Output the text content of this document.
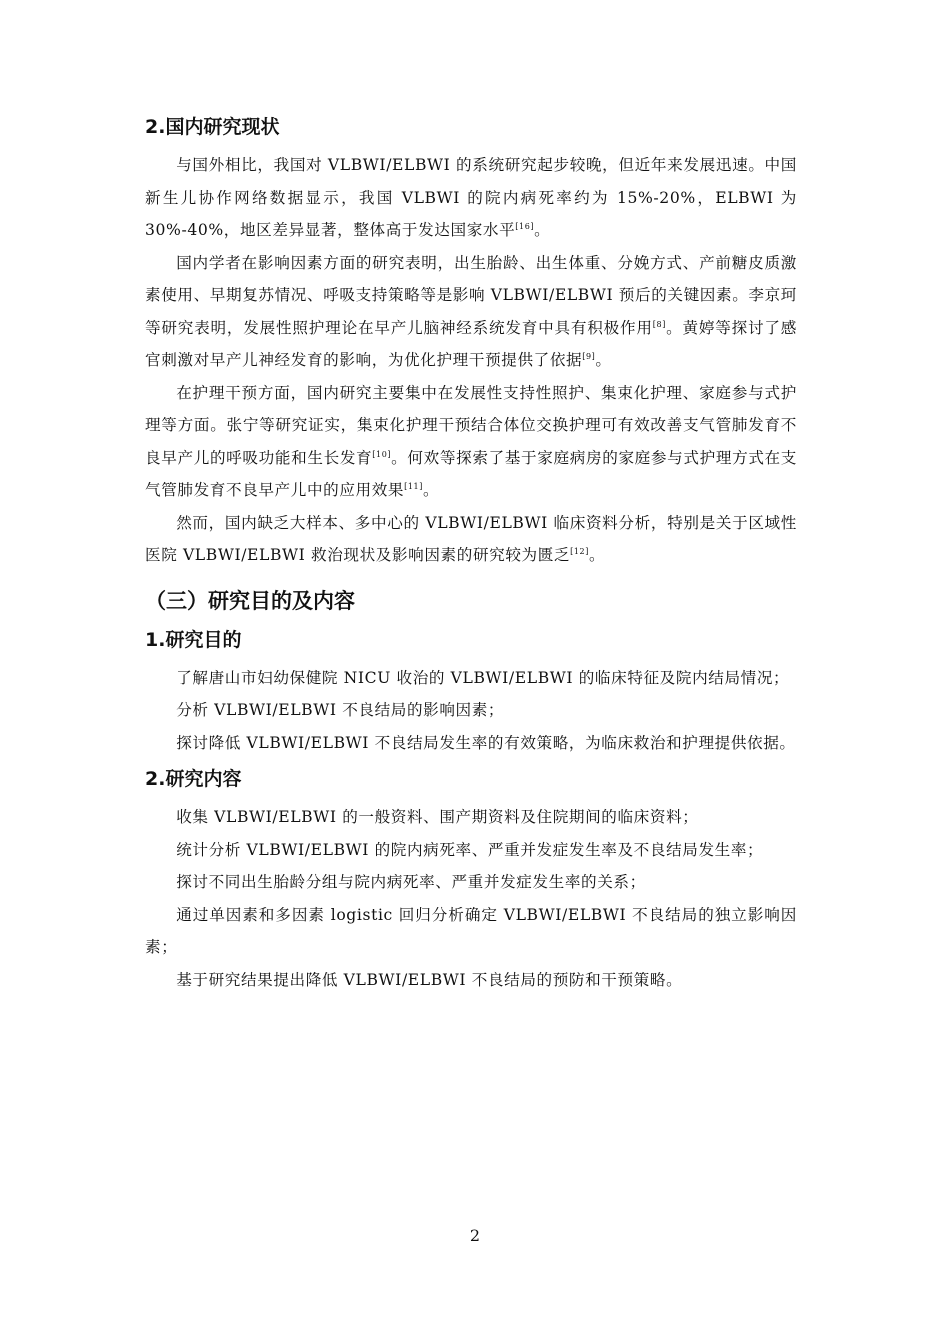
2.国内研究现状

与国外相比，我国对 VLBWI/ELBWI 的系统研究起步较晚，但近年来发展迅速。中国新生儿协作网络数据显示，我国 VLBWI 的院内病死率约为 15%-20%，ELBWI 为 30%-40%，地区差异显著，整体高于发达国家水平[16]。

国内学者在影响因素方面的研究表明，出生胎龄、出生体重、分娩方式、产前糖皮质激素使用、早期复苏情况、呼吸支持策略等是影响 VLBWI/ELBWI 预后的关键因素。李京珂等研究表明，发展性照护理论在早产儿脑神经系统发育中具有积极作用[8]。黄婷等探讨了感官刺激对早产儿神经发育的影响，为优化护理干预提供了依据[9]。

在护理干预方面，国内研究主要集中在发展性支持性照护、集束化护理、家庭参与式护理等方面。张宁等研究证实，集束化护理干预结合体位交换护理可有效改善支气管肺发育不良早产儿的呼吸功能和生长发育[10]。何欢等探索了基于家庭病房的家庭参与式护理方式在支气管肺发育不良早产儿中的应用效果[11]。

然而，国内缺乏大样本、多中心的 VLBWI/ELBWI 临床资料分析，特别是关于区域性医院 VLBWI/ELBWI 救治现状及影响因素的研究较为匮乏[12]。

（三）研究目的及内容
1.研究目的

了解唐山市妇幼保健院 NICU 收治的 VLBWI/ELBWI 的临床特征及院内结局情况；

分析 VLBWI/ELBWI 不良结局的影响因素；

探讨降低 VLBWI/ELBWI 不良结局发生率的有效策略，为临床救治和护理提供依据。

2.研究内容

收集 VLBWI/ELBWI 的一般资料、围产期资料及住院期间的临床资料；

统计分析 VLBWI/ELBWI 的院内病死率、严重并发症发生率及不良结局发生率；

探讨不同出生胎龄分组与院内病死率、严重并发症发生率的关系；

通过单因素和多因素 logistic 回归分析确定 VLBWI/ELBWI 不良结局的独立影响因素；

基于研究结果提出降低 VLBWI/ELBWI 不良结局的预防和干预策略。

2
